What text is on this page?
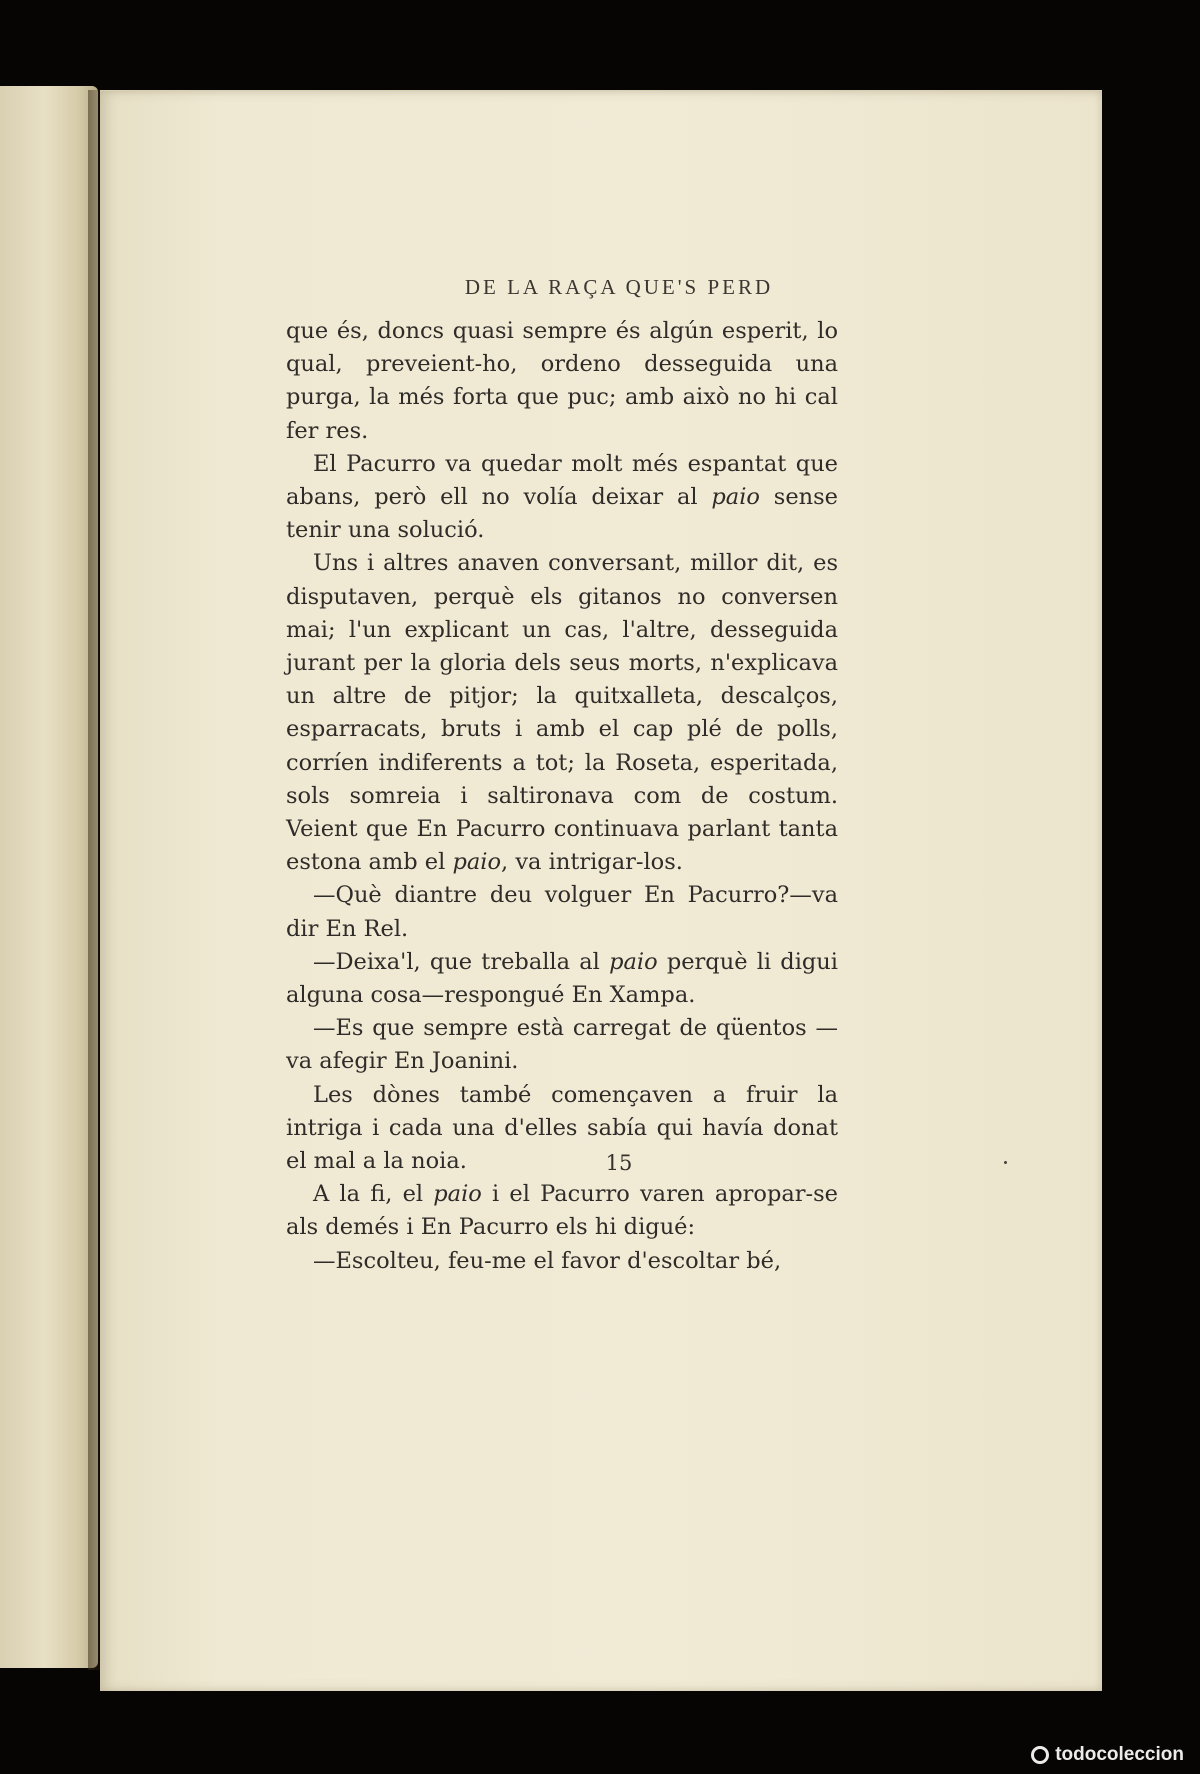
DE LA RAÇA QUE'S PERD

que és, doncs quasi sempre és algún esperit, lo qual, preveient-ho, ordeno desseguida una purga, la més forta que puc; amb això no hi cal fer res.

El Pacurro va quedar molt més espantat que abans, però ell no volía deixar al paio sense tenir una solució.

Uns i altres anaven conversant, millor dit, es disputaven, perquè els gitanos no conversen mai; l'un explicant un cas, l'altre, desseguida jurant per la gloria dels seus morts, n'explicava un altre de pitjor; la quitxalleta, descalços, esparracats, bruts i amb el cap plé de polls, corríen indiferents a tot; la Roseta, esperitada, sols somreia i saltironava com de costum. Veient que En Pacurro continuava parlant tanta estona amb el paio, va intrigar-los.

—Què diantre deu volguer En Pacurro?—va dir En Rel.

—Deixa'l, que treballa al paio perquè li digui alguna cosa—respongué En Xampa.

—Es que sempre està carregat de qüentos —va afegir En Joanini.

Les dònes també començaven a fruir la intriga i cada una d'elles sabía qui havía donat el mal a la noia.

A la fi, el paio i el Pacurro varen apropar-se als demés i En Pacurro els hi digué:

—Escolteu, feu-me el favor d'escoltar bé,

15
todocoleccion
